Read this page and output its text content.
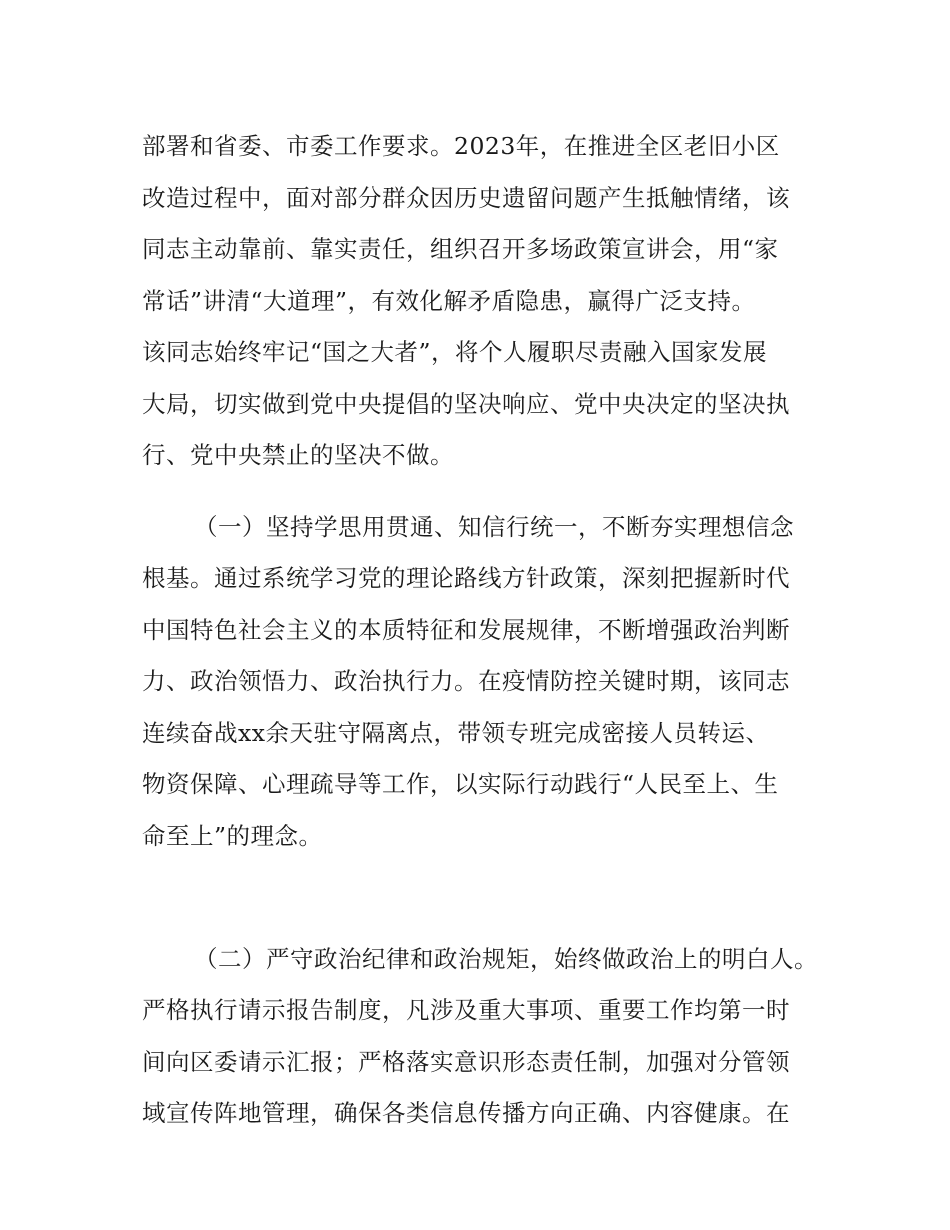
部署和省委、市委工作要求。2023年，在推进全区老旧小区
改造过程中，面对部分群众因历史遗留问题产生抵触情绪，该
同志主动靠前、靠实责任，组织召开多场政策宣讲会，用“家
常话”讲清“大道理”，有效化解矛盾隐患，赢得广泛支持。
该同志始终牢记“国之大者”，将个人履职尽责融入国家发展
大局，切实做到党中央提倡的坚决响应、党中央决定的坚决执
行、党中央禁止的坚决不做。
（一）坚持学思用贯通、知信行统一，不断夯实理想信念
根基。通过系统学习党的理论路线方针政策，深刻把握新时代
中国特色社会主义的本质特征和发展规律，不断增强政治判断
力、政治领悟力、政治执行力。在疫情防控关键时期，该同志
连续奋战xx余天驻守隔离点，带领专班完成密接人员转运、
物资保障、心理疏导等工作，以实际行动践行“人民至上、生
命至上”的理念。
（二）严守政治纪律和政治规矩，始终做政治上的明白人。
严格执行请示报告制度，凡涉及重大事项、重要工作均第一时
间向区委请示汇报；严格落实意识形态责任制，加强对分管领
域宣传阵地管理，确保各类信息传播方向正确、内容健康。在
